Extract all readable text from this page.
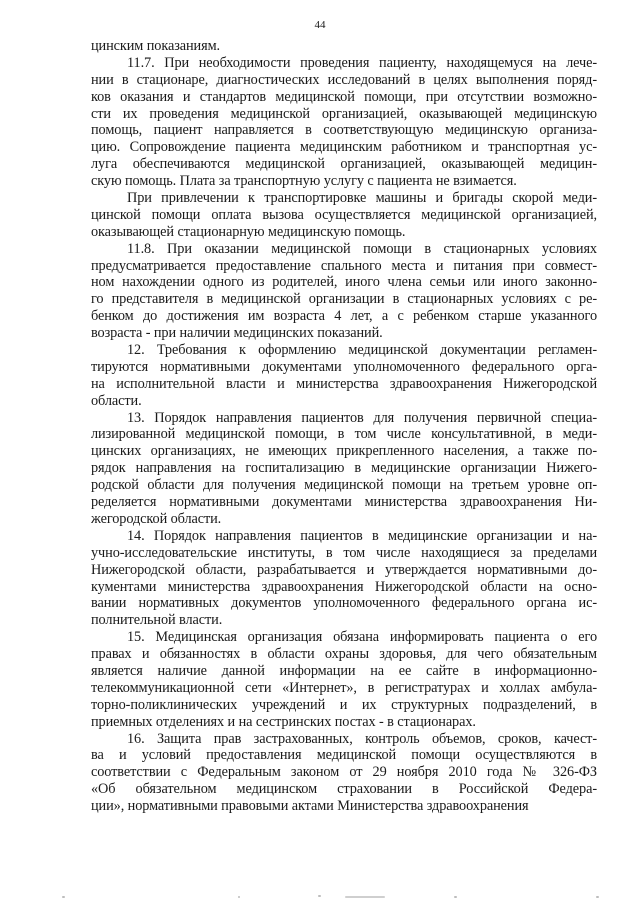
44
цинским показаниям.
11.7. При необходимости проведения пациенту, находящемуся на лече-
нии в стационаре, диагностических исследований в целях выполнения поряд-
ков оказания и стандартов медицинской помощи, при отсутствии возможно-
сти их проведения медицинской организацией, оказывающей медицинскую
помощь, пациент направляется в соответствующую медицинскую организа-
цию. Сопровождение пациента медицинским работником и транспортная ус-
луга обеспечиваются медицинской организацией, оказывающей медицин-
скую помощь. Плата за транспортную услугу с пациента не взимается.
При привлечении к транспортировке машины и бригады скорой меди-
цинской помощи оплата вызова осуществляется медицинской организацией,
оказывающей стационарную медицинскую помощь.
11.8. При оказании медицинской помощи в стационарных условиях
предусматривается предоставление спального места и питания при совмест-
ном нахождении одного из родителей, иного члена семьи или иного законно-
го представителя в медицинской организации в стационарных условиях с ре-
бенком до достижения им возраста 4 лет, а с ребенком старше указанного
возраста - при наличии медицинских показаний.
12. Требования к оформлению медицинской документации регламен-
тируются нормативными документами уполномоченного федерального орга-
на исполнительной власти и министерства здравоохранения Нижегородской
области.
13. Порядок направления пациентов для получения первичной специа-
лизированной медицинской помощи, в том числе консультативной, в меди-
цинских организациях, не имеющих прикрепленного населения, а также по-
рядок направления на госпитализацию в медицинские организации Нижего-
родской области для получения медицинской помощи на третьем уровне оп-
ределяется нормативными документами министерства здравоохранения Ни-
жегородской области.
14. Порядок направления пациентов в медицинские организации и на-
учно-исследовательские институты, в том числе находящиеся за пределами
Нижегородской области, разрабатывается и утверждается нормативными до-
кументами министерства здравоохранения Нижегородской области на осно-
вании нормативных документов уполномоченного федерального органа ис-
полнительной власти.
15. Медицинская организация обязана информировать пациента о его
правах и обязанностях в области охраны здоровья, для чего обязательным
является наличие данной информации на ее сайте в информационно-
телекоммуникационной сети «Интернет», в регистратурах и холлах амбула-
торно-поликлинических учреждений и их структурных подразделений, в
приемных отделениях и на сестринских постах - в стационарах.
16. Защита прав застрахованных, контроль объемов, сроков, качест-
ва и условий предоставления медицинской помощи осуществляются в
соответствии с Федеральным законом от 29 ноября 2010 года № 326-ФЗ
«Об обязательном медицинском страховании в Российской Федера-
ции», нормативными правовыми актами Министерства здравоохранения
